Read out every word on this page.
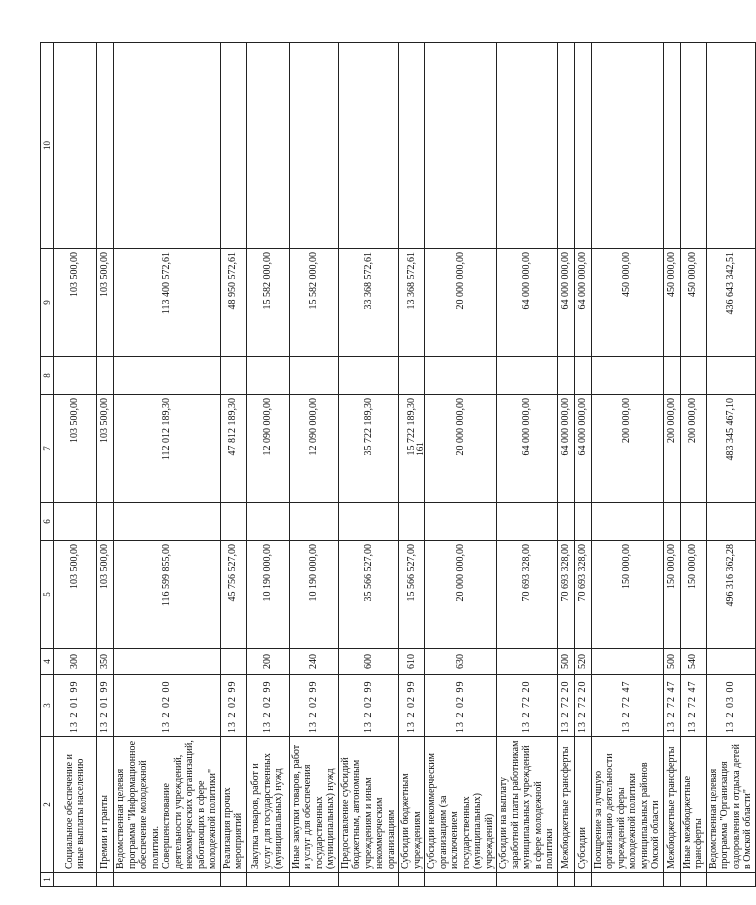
161
1	2	3	4	5	6	7	8	9	10
	Социальное обеспечение и иные выплаты населению	13 2 01 99	300	103 500,00		103 500,00		103 500,00	
	Премии и гранты	13 2 01 99	350	103 500,00		103 500,00		103 500,00	
	Ведомственная целевая программа "Информационное обеспечение молодежной политики. Совершенствование деятельности учреждений, некоммерческих организаций, работающих в сфере молодежной политики"	13 2 02 00		116 599 855,00		112 012 189,30		113 400 572,61	
	Реализация прочих мероприятий	13 2 02 99		45 756 527,00		47 812 189,30		48 950 572,61	
	Закупка товаров, работ и услуг для государственных (муниципальных) нужд	13 2 02 99	200	10 190 000,00		12 090 000,00		15 582 000,00	
	Иные закупки товаров, работ и услуг для обеспечения государственных (муниципальных) нужд	13 2 02 99	240	10 190 000,00		12 090 000,00		15 582 000,00	
	Предоставление субсидий бюджетным, автономным учреждениям и иным некоммерческим организациям	13 2 02 99	600	35 566 527,00		35 722 189,30		33 368 572,61	
	Субсидии бюджетным учреждениям	13 2 02 99	610	15 566 527,00		15 722 189,30		13 368 572,61	
	Субсидии некоммерческим организациям (за исключением государственных (муниципальных) учреждений)	13 2 02 99	630	20 000 000,00		20 000 000,00		20 000 000,00	
	Субсидии на выплату заработной платы работникам муниципальных учреждений в сфере молодежной политики	13 2 72 20		70 693 328,00		64 000 000,00		64 000 000,00	
	Межбюджетные трансферты	13 2 72 20	500	70 693 328,00		64 000 000,00		64 000 000,00	
	Субсидии	13 2 72 20	520	70 693 328,00		64 000 000,00		64 000 000,00	
	Поощрение за лучшую организацию деятельности учреждений сферы молодежной политики муниципальных районов Омской области	13 2 72 47		150 000,00		200 000,00		450 000,00	
	Межбюджетные трансферты	13 2 72 47	500	150 000,00		200 000,00		450 000,00	
	Иные межбюджетные трансферты	13 2 72 47	540	150 000,00		200 000,00		450 000,00	
	Ведомственная целевая программа "Организация оздоровления и отдыха детей в Омской области"	13 2 03 00		496 316 362,28		483 345 467,10		436 643 342,51	
